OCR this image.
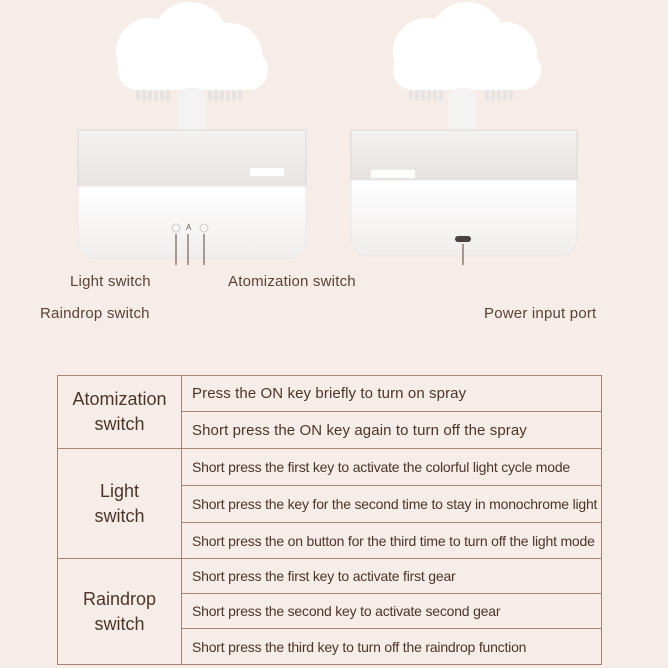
A
Light switch	Atomization switch
Raindrop switch	Power input port
Atomization
switch	Press the ON key briefly to turn on spray
	Short press the ON key again to turn off the spray

Light
switch	Short press the first key to activate the colorful light cycle mode
	Short press the key for the second time to stay in monochrome light
	Short press the on button for the third time to turn off the light mode

Raindrop
switch	Short press the first key to activate first gear
	Short press the second key to activate second gear
	Short press the third key to turn off the raindrop function
